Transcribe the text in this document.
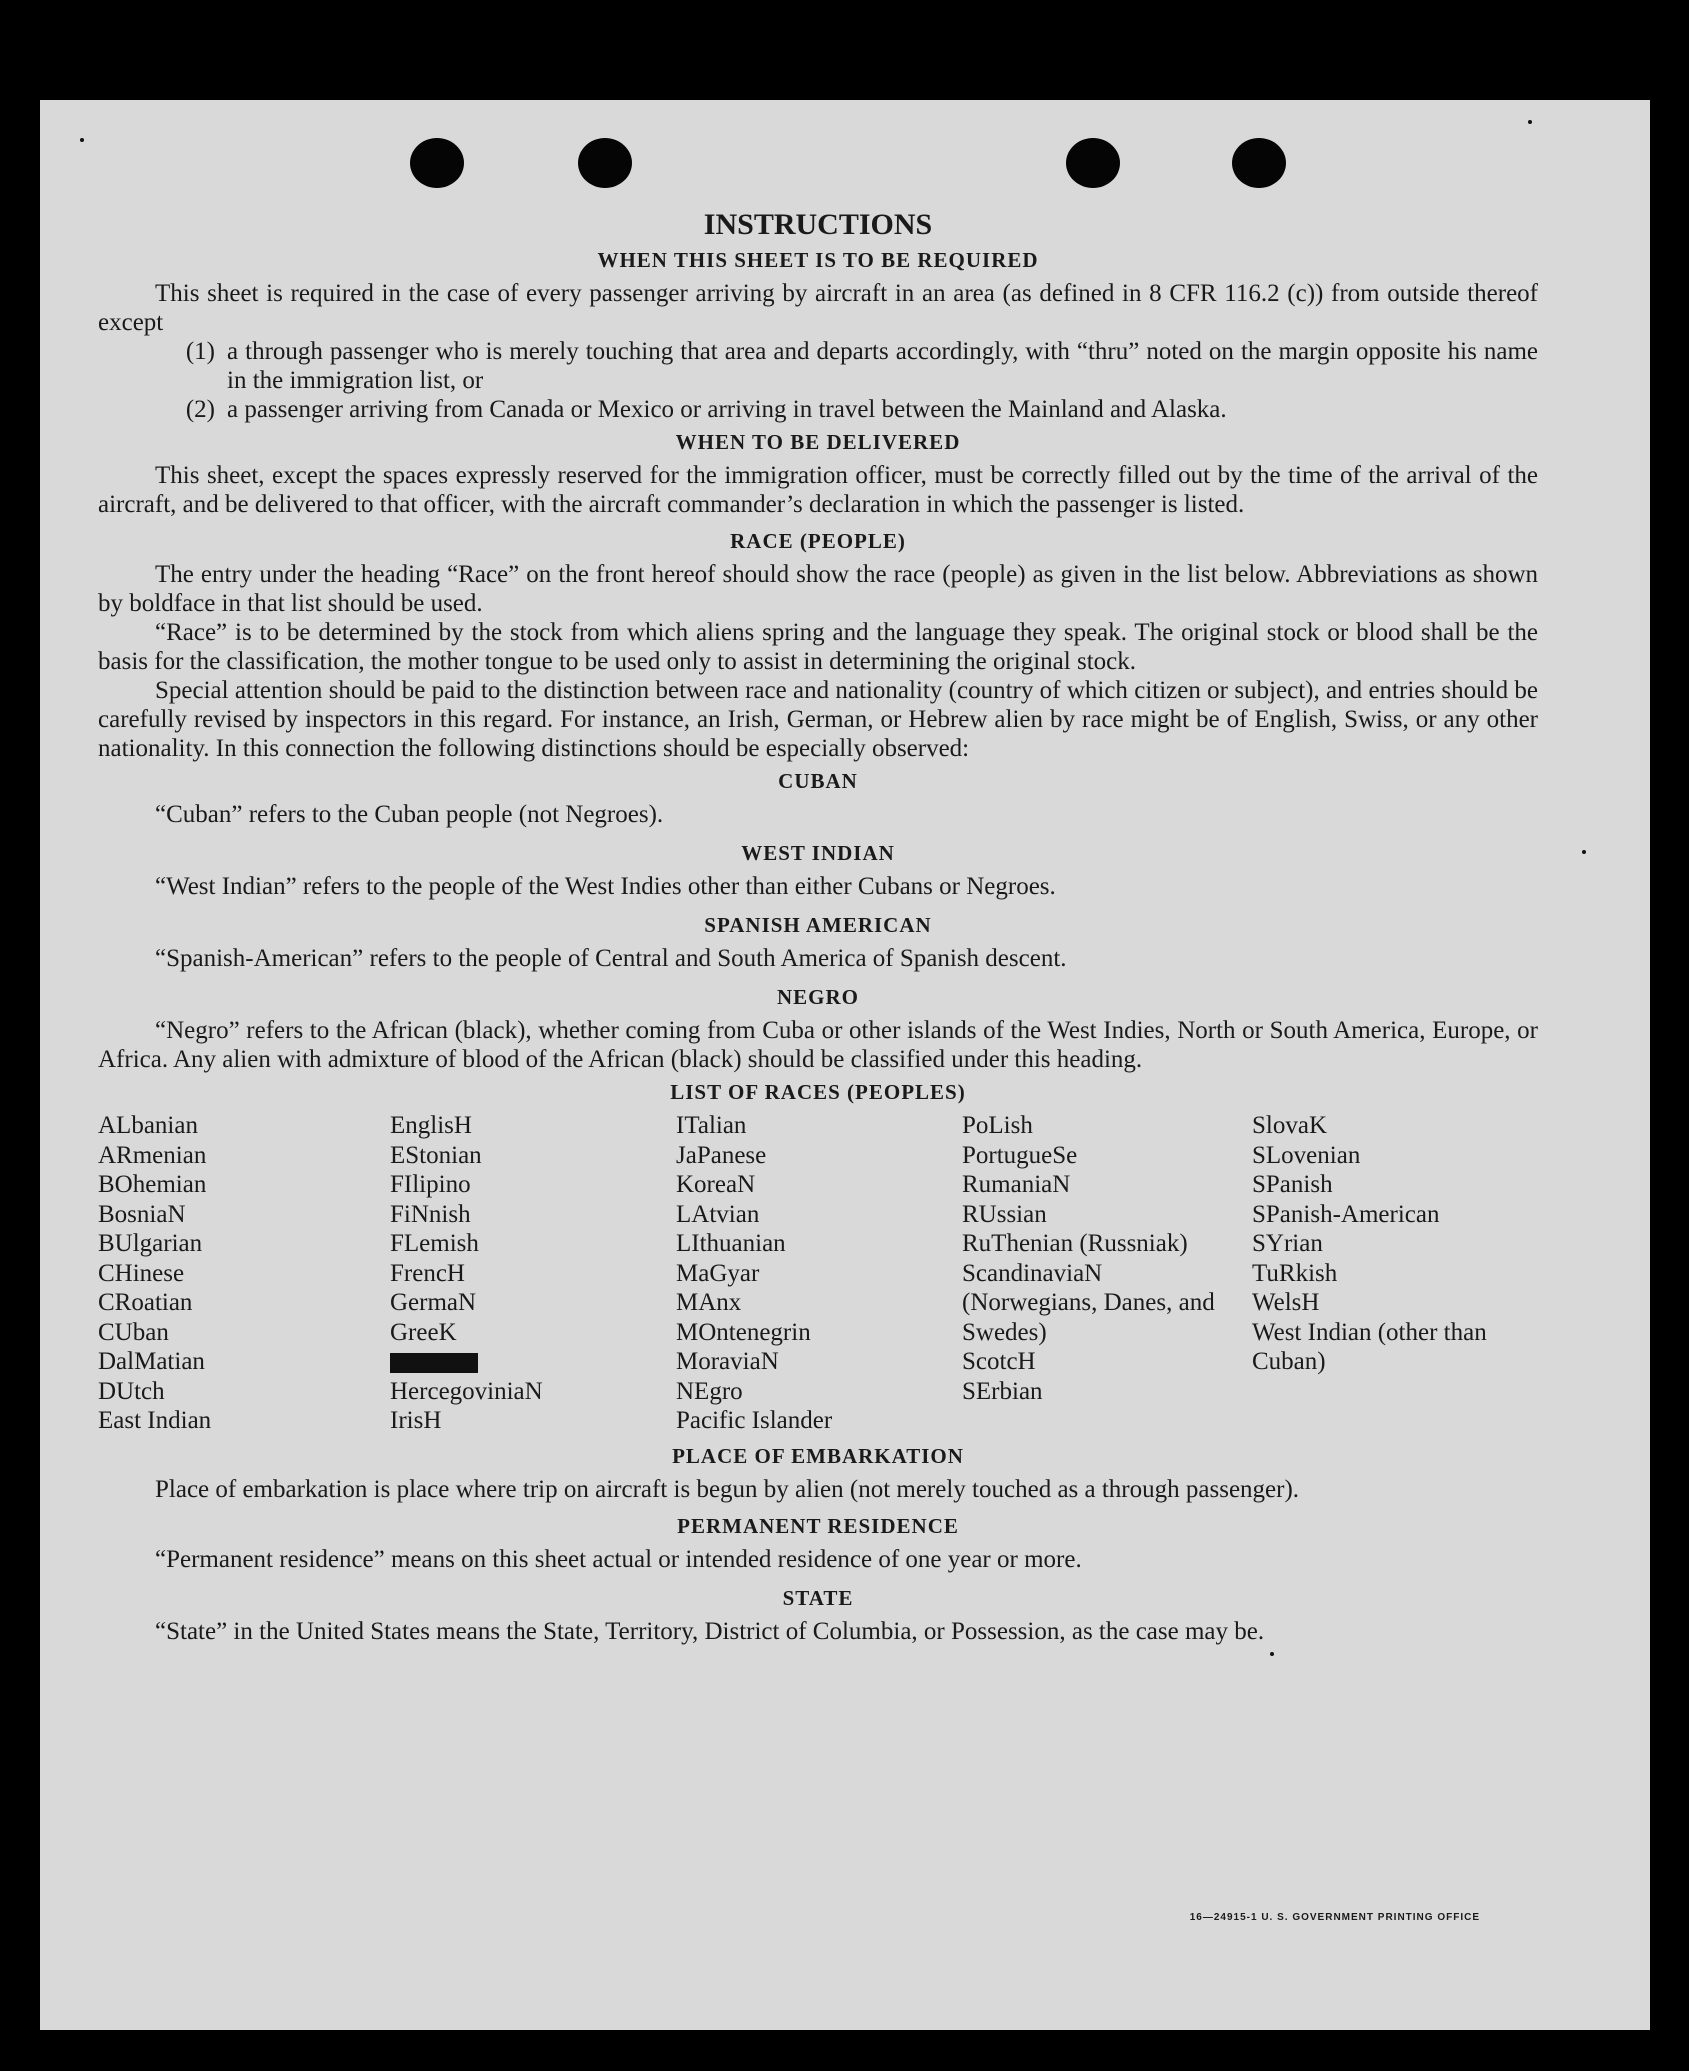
INSTRUCTIONS
WHEN THIS SHEET IS TO BE REQUIRED

This sheet is required in the case of every passenger arriving by aircraft in an area (as defined in 8 CFR 116.2 (c)) from outside thereof except

(1) a through passenger who is merely touching that area and departs accordingly, with “thru” noted on the margin opposite his name in the immigration list, or
(2) a passenger arriving from Canada or Mexico or arriving in travel between the Mainland and Alaska.
WHEN TO BE DELIVERED

This sheet, except the spaces expressly reserved for the immigration officer, must be correctly filled out by the time of the arrival of the aircraft, and be delivered to that officer, with the aircraft commander’s declaration in which the passenger is listed.

RACE (PEOPLE)

The entry under the heading “Race” on the front hereof should show the race (people) as given in the list below. Abbreviations as shown by boldface in that list should be used.

“Race” is to be determined by the stock from which aliens spring and the language they speak. The original stock or blood shall be the basis for the classification, the mother tongue to be used only to assist in determining the original stock.

Special attention should be paid to the distinction between race and nationality (country of which citizen or subject), and entries should be carefully revised by inspectors in this regard. For instance, an Irish, German, or Hebrew alien by race might be of English, Swiss, or any other nationality. In this connection the following distinctions should be especially observed:

CUBAN

“Cuban” refers to the Cuban people (not Negroes).

WEST INDIAN

“West Indian” refers to the people of the West Indies other than either Cubans or Negroes.

SPANISH AMERICAN

“Spanish-American” refers to the people of Central and South America of Spanish descent.

NEGRO

“Negro” refers to the African (black), whether coming from Cuba or other islands of the West Indies, North or South America, Europe, or Africa. Any alien with admixture of blood of the African (black) should be classified under this heading.

LIST OF RACES (PEOPLES)
ALbanian
ARmenian
BOhemian
BosniaN
BUlgarian
CHinese
CRoatian
CUban
DalMatian
DUtch
East Indian
EnglisH
EStonian
FIlipino
FiNnish
FLemish
FrencH
GermaN
GreeK
HercegoviniaN
IrisH
ITalian
JaPanese
KoreaN
LAtvian
LIthuanian
MaGyar
MAnx
MOntenegrin
MoraviaN
NEgro
Pacific Islander
PoLish
PortugueSe
RumaniaN
RUssian
RuThenian (Russniak)
ScandinaviaN (Norwegians, Danes, and Swedes)
ScotcH
SErbian
SlovaK
SLovenian
SPanish
SPanish-American
SYrian
TuRkish
WelsH
West Indian (other than Cuban)
PLACE OF EMBARKATION

Place of embarkation is place where trip on aircraft is begun by alien (not merely touched as a through passenger).

PERMANENT RESIDENCE

“Permanent residence” means on this sheet actual or intended residence of one year or more.

STATE

“State” in the United States means the State, Territory, District of Columbia, or Possession, as the case may be.

16—24915-1 U. S. GOVERNMENT PRINTING OFFICE
